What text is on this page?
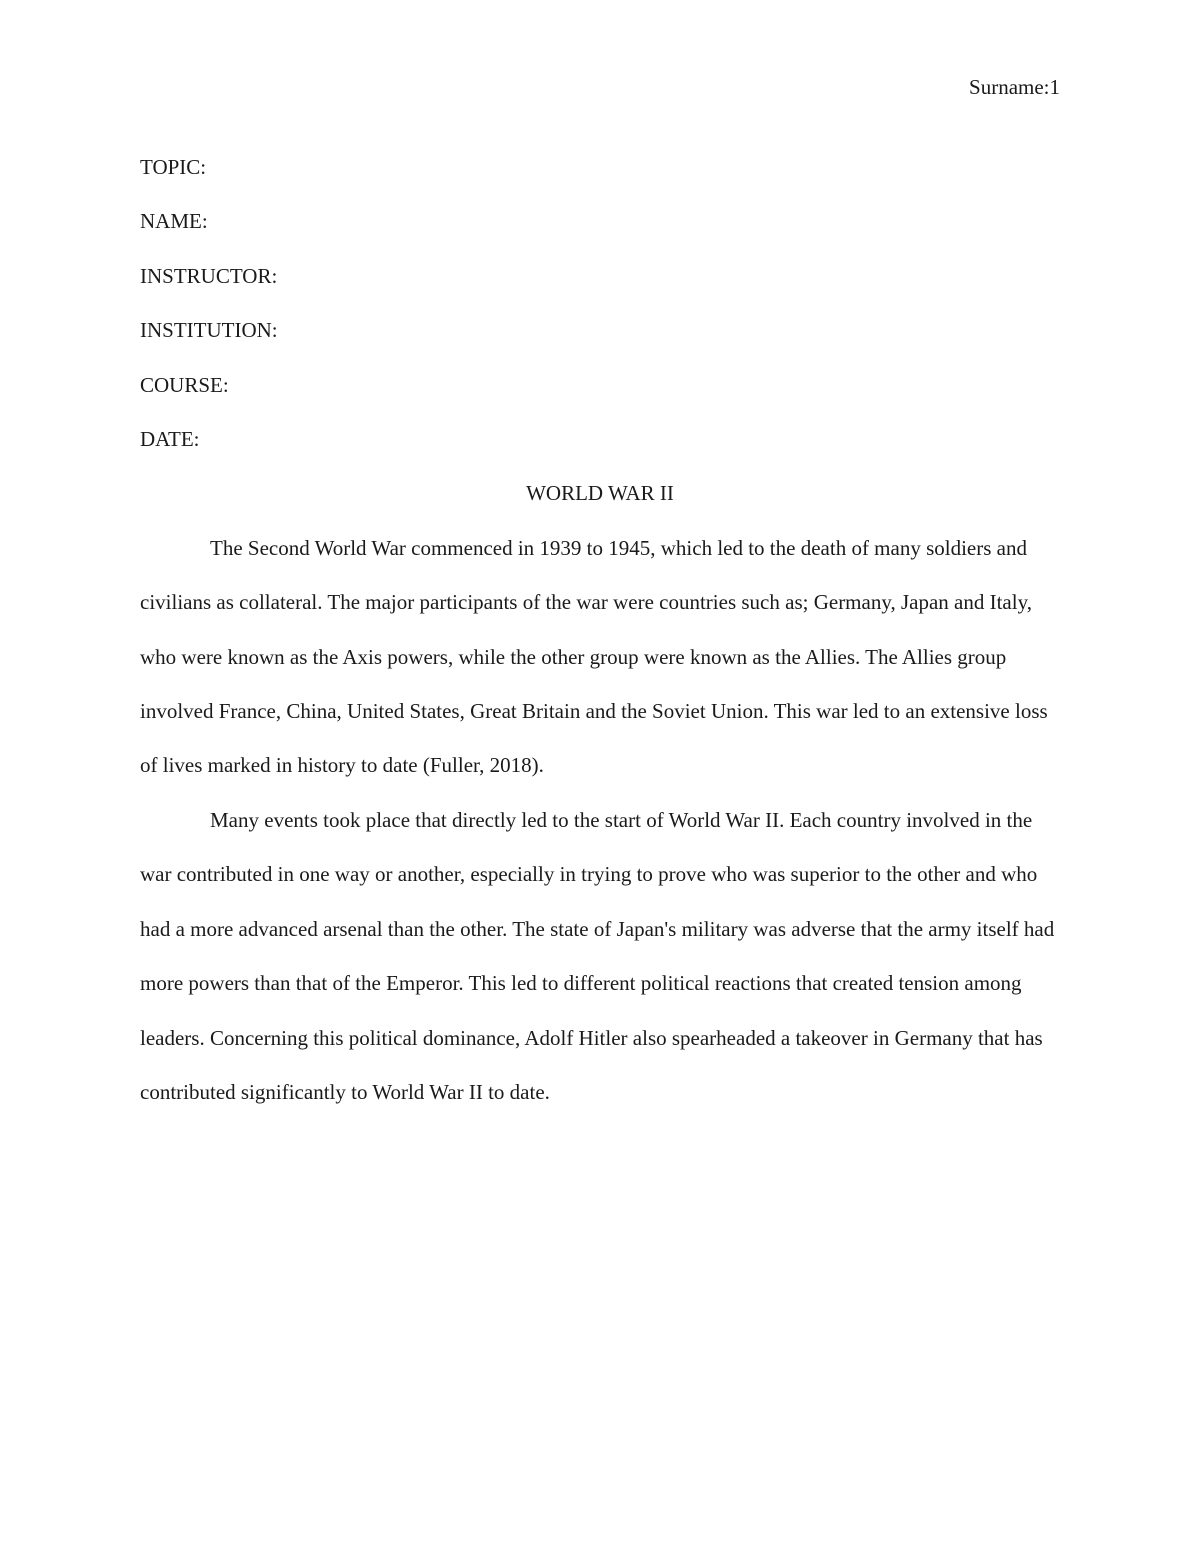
Surname:1

TOPIC:

NAME:

INSTRUCTOR:

INSTITUTION:

COURSE:

DATE:

WORLD WAR II

The Second World War commenced in 1939 to 1945, which led to the death of many soldiers and civilians as collateral. The major participants of the war were countries such as; Germany, Japan and Italy, who were known as the Axis powers, while the other group were known as the Allies. The Allies group involved France, China, United States, Great Britain and the Soviet Union. This war led to an extensive loss of lives marked in history to date (Fuller, 2018).

Many events took place that directly led to the start of World War II. Each country involved in the war contributed in one way or another, especially in trying to prove who was superior to the other and who had a more advanced arsenal than the other. The state of Japan's military was adverse that the army itself had more powers than that of the Emperor. This led to different political reactions that created tension among leaders. Concerning this political dominance, Adolf Hitler also spearheaded a takeover in Germany that has contributed significantly to World War II to date.
